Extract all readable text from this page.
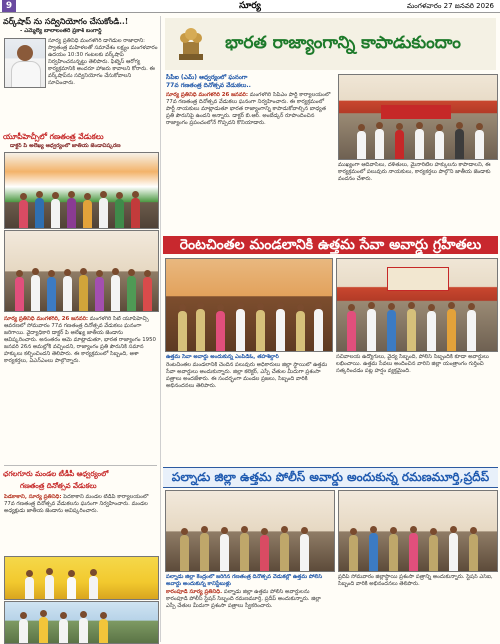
9	సూర్య	మంగళవారం 27 జనవరి 2026
వర్క్‌షాప్ ను సద్వినియోగం చేసుకోండి..!
- ఎమ్మెల్యే బాలాలంతరి ప్రకాశ్ బంగార్డ్
సూర్య ప్రతినిధి మంగళగిరి డాగెడుల రాజాధాని: స్వాతంత్ర మహిళలతో సమావేశం లక్ష్యం మంగళవారం ఉదయం 10:30 గంటలకు వర్క్‌షాప్ నిర్వహించనున్నట్టు తెలిపారు. ఫిట్నెస్ ఆరోగ్య కార్యక్రమానికి అందరూ హాజరు కావాలని కోరారు. ఈ వర్క్‌షాప్‌ను సద్వినియోగం చేసుకోవాలని సూచించారు.
యూపీహెచ్సీలో గణతంత్ర వేడుకలు
డాక్టర్ పి అలేఖ్య ఆధ్వర్యంలో జాతీయ జెండావిష్కరణ
సూర్య ప్రతినిధి మంగళగిరి, 26 జనవరి: మంగళగిరి సిటీ యూపీహెచ్సీ ఆవరణలో సోమవారం 77వ గణతంత్ర దినోత్సవ వేడుకలు ఘనంగా జరిగాయి. వైద్యాధికారి డాక్టర్ పి అలేఖ్య జాతీయ జెండాను ఆవిష్కరించారు. అనంతరం ఆమె మాట్లాడుతూ, భారత రాజ్యాంగం 1950 జనవరి 26న అమల్లోకి వచ్చిందని, రాజ్యాంగం ప్రతి పౌరునికి సమాన హక్కులు కల్పించిందని తెలిపారు. ఈ కార్యక్రమంలో సిబ్బంది, ఆశా కార్యకర్తలు, ఏఎన్ఎంలు పాల్గొన్నారు.
ఛగలగూరు మండల టీడీపీ ఆధ్వర్యంలో
గణతంత్ర దినోత్సవ వేడుకలు
పెడకాకాని, సూర్య ప్రతినిధి: పెదకాకాని మండల టీడీపీ కార్యాలయంలో 77వ గణతంత్ర దినోత్సవ వేడుకలను ఘనంగా నిర్వహించారు. మండల అధ్యక్షుడు జాతీయ జెండాను ఆవిష్కరించారు.
భారత రాజ్యాంగాన్ని కాపాడుకుందాం
సీపీఐ (ఎమ్) ఆధ్వర్యంలో ఘనంగా
77వ గణతంత్ర దినోత్సవ వేడుకలు..
సూర్య ప్రతినిధి మంగళగిరి 26 జనవరి: మంగళగిరి సీపీఎం పార్టీ కార్యాలయంలో 77వ గణతంత్ర దినోత్సవ వేడుకలు ఘనంగా నిర్వహించారు. ఈ కార్యక్రమంలో పార్టీ నాయకులు మాట్లాడుతూ భారత రాజ్యాంగాన్ని కాపాడుకోవాల్సిన బాధ్యత ప్రతి పౌరునిపై ఉందని అన్నారు. డాక్టర్ బి.ఆర్. అంబేడ్కర్ రూపొందించిన రాజ్యాంగం ప్రపంచంలోనే గొప్పదని కొనియాడారు.
ముఖ్యంగా ఆదివాసీలు, దళితులు, మైనారిటీల హక్కులను కాపాడాలని, ఈ కార్యక్రమంలో పలువురు నాయకులు, కార్యకర్తలు పాల్గొని జాతీయ జెండాకు వందనం చేశారు.
రెంటచింతల మండలానికి ఉత్తమ సేవా అవార్డు గ్రహీతలు
ఉత్తమ సేవా అవార్డు అందుకున్న ఎంపీడీఓ, తహశీల్దార్
రెంటచింతల మండలానికి చెందిన పలువురు అధికారులు జిల్లా స్థాయిలో ఉత్తమ సేవా అవార్డులు అందుకున్నారు. జిల్లా కలెక్టర్, ఎస్పీ చేతుల మీదుగా ప్రశంసా పత్రాలు అందజేశారు. ఈ సందర్భంగా మండల ప్రజలు, సిబ్బంది వారికి అభినందనలు తెలిపారు.
సచివాలయ ఉద్యోగులు, వైద్య సిబ్బంది, పోలీస్ సిబ్బందికి కూడా అవార్డులు లభించాయి. ఉత్తమ సేవలు అందించిన వారిని జిల్లా యంత్రాంగం గుర్తించి సత్కరించడం పట్ల హర్షం వ్యక్తమైంది.
పల్నాడు జిల్లా ఉత్తమ పోలీస్ అవార్డు అందుకున్న రమణమూర్తి,ప్రదీప్
పల్నాడు జిల్లా కేంద్రంలో జరిగిన గణతంత్ర దినోత్సవ వేడుకల్లో ఉత్తమ పోలీస్ అవార్డు అందుకున్న కానిస్టేబుళ్లు
కారంపూడి సూర్య ప్రతినిధి. పల్నాడు జిల్లా ఉత్తమ పోలీస్ అవార్డులను కారంపూడి పోలీస్ స్టేషన్ సిబ్బంది రమణమూర్తి, ప్రదీప్ అందుకున్నారు. జిల్లా ఎస్పీ చేతుల మీదుగా ప్రశంసా పత్రాలు స్వీకరించారు.
ప్రదీప్ సోమవారం జిల్లాస్థాయి ప్రశంసా పత్రాన్ని అందుకున్నారు. స్టేషన్ ఎస్ఐ, సిబ్బంది వారికి అభినందనలు తెలిపారు.
